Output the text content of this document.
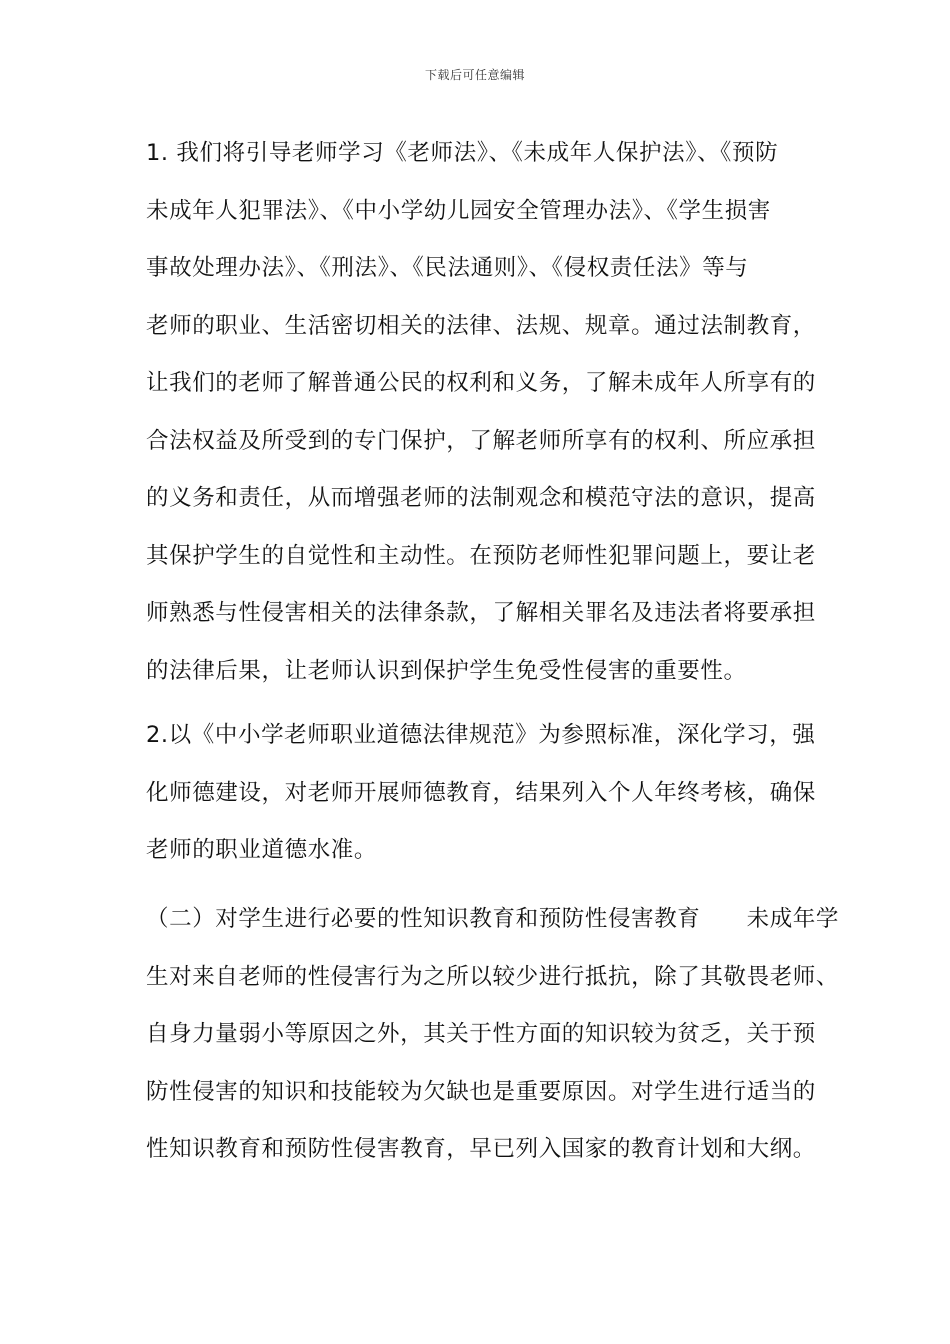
下载后可任意编辑
1. 我们将引导老师学习《老师法》、《未成年人保护法》、《预防
未成年人犯罪法》、《中小学幼儿园安全管理办法》、《学生损害
事故处理办法》、《刑法》、《民法通则》、《侵权责任法》等与
老师的职业、生活密切相关的法律、法规、规章。通过法制教育，
让我们的老师了解普通公民的权利和义务，了解未成年人所享有的
合法权益及所受到的专门保护，了解老师所享有的权利、所应承担
的义务和责任，从而增强老师的法制观念和模范守法的意识，提高
其保护学生的自觉性和主动性。在预防老师性犯罪问题上，要让老
师熟悉与性侵害相关的法律条款，了解相关罪名及违法者将要承担
的法律后果，让老师认识到保护学生免受性侵害的重要性。
2.以《中小学老师职业道德法律规范》为参照标准，深化学习，强
化师德建设，对老师开展师德教育，结果列入个人年终考核，确保
老师的职业道德水准。
（二）对学生进行必要的性知识教育和预防性侵害教育　　未成年学
生对来自老师的性侵害行为之所以较少进行抵抗，除了其敬畏老师、
自身力量弱小等原因之外，其关于性方面的知识较为贫乏，关于预
防性侵害的知识和技能较为欠缺也是重要原因。对学生进行适当的
性知识教育和预防性侵害教育，早已列入国家的教育计划和大纲。
